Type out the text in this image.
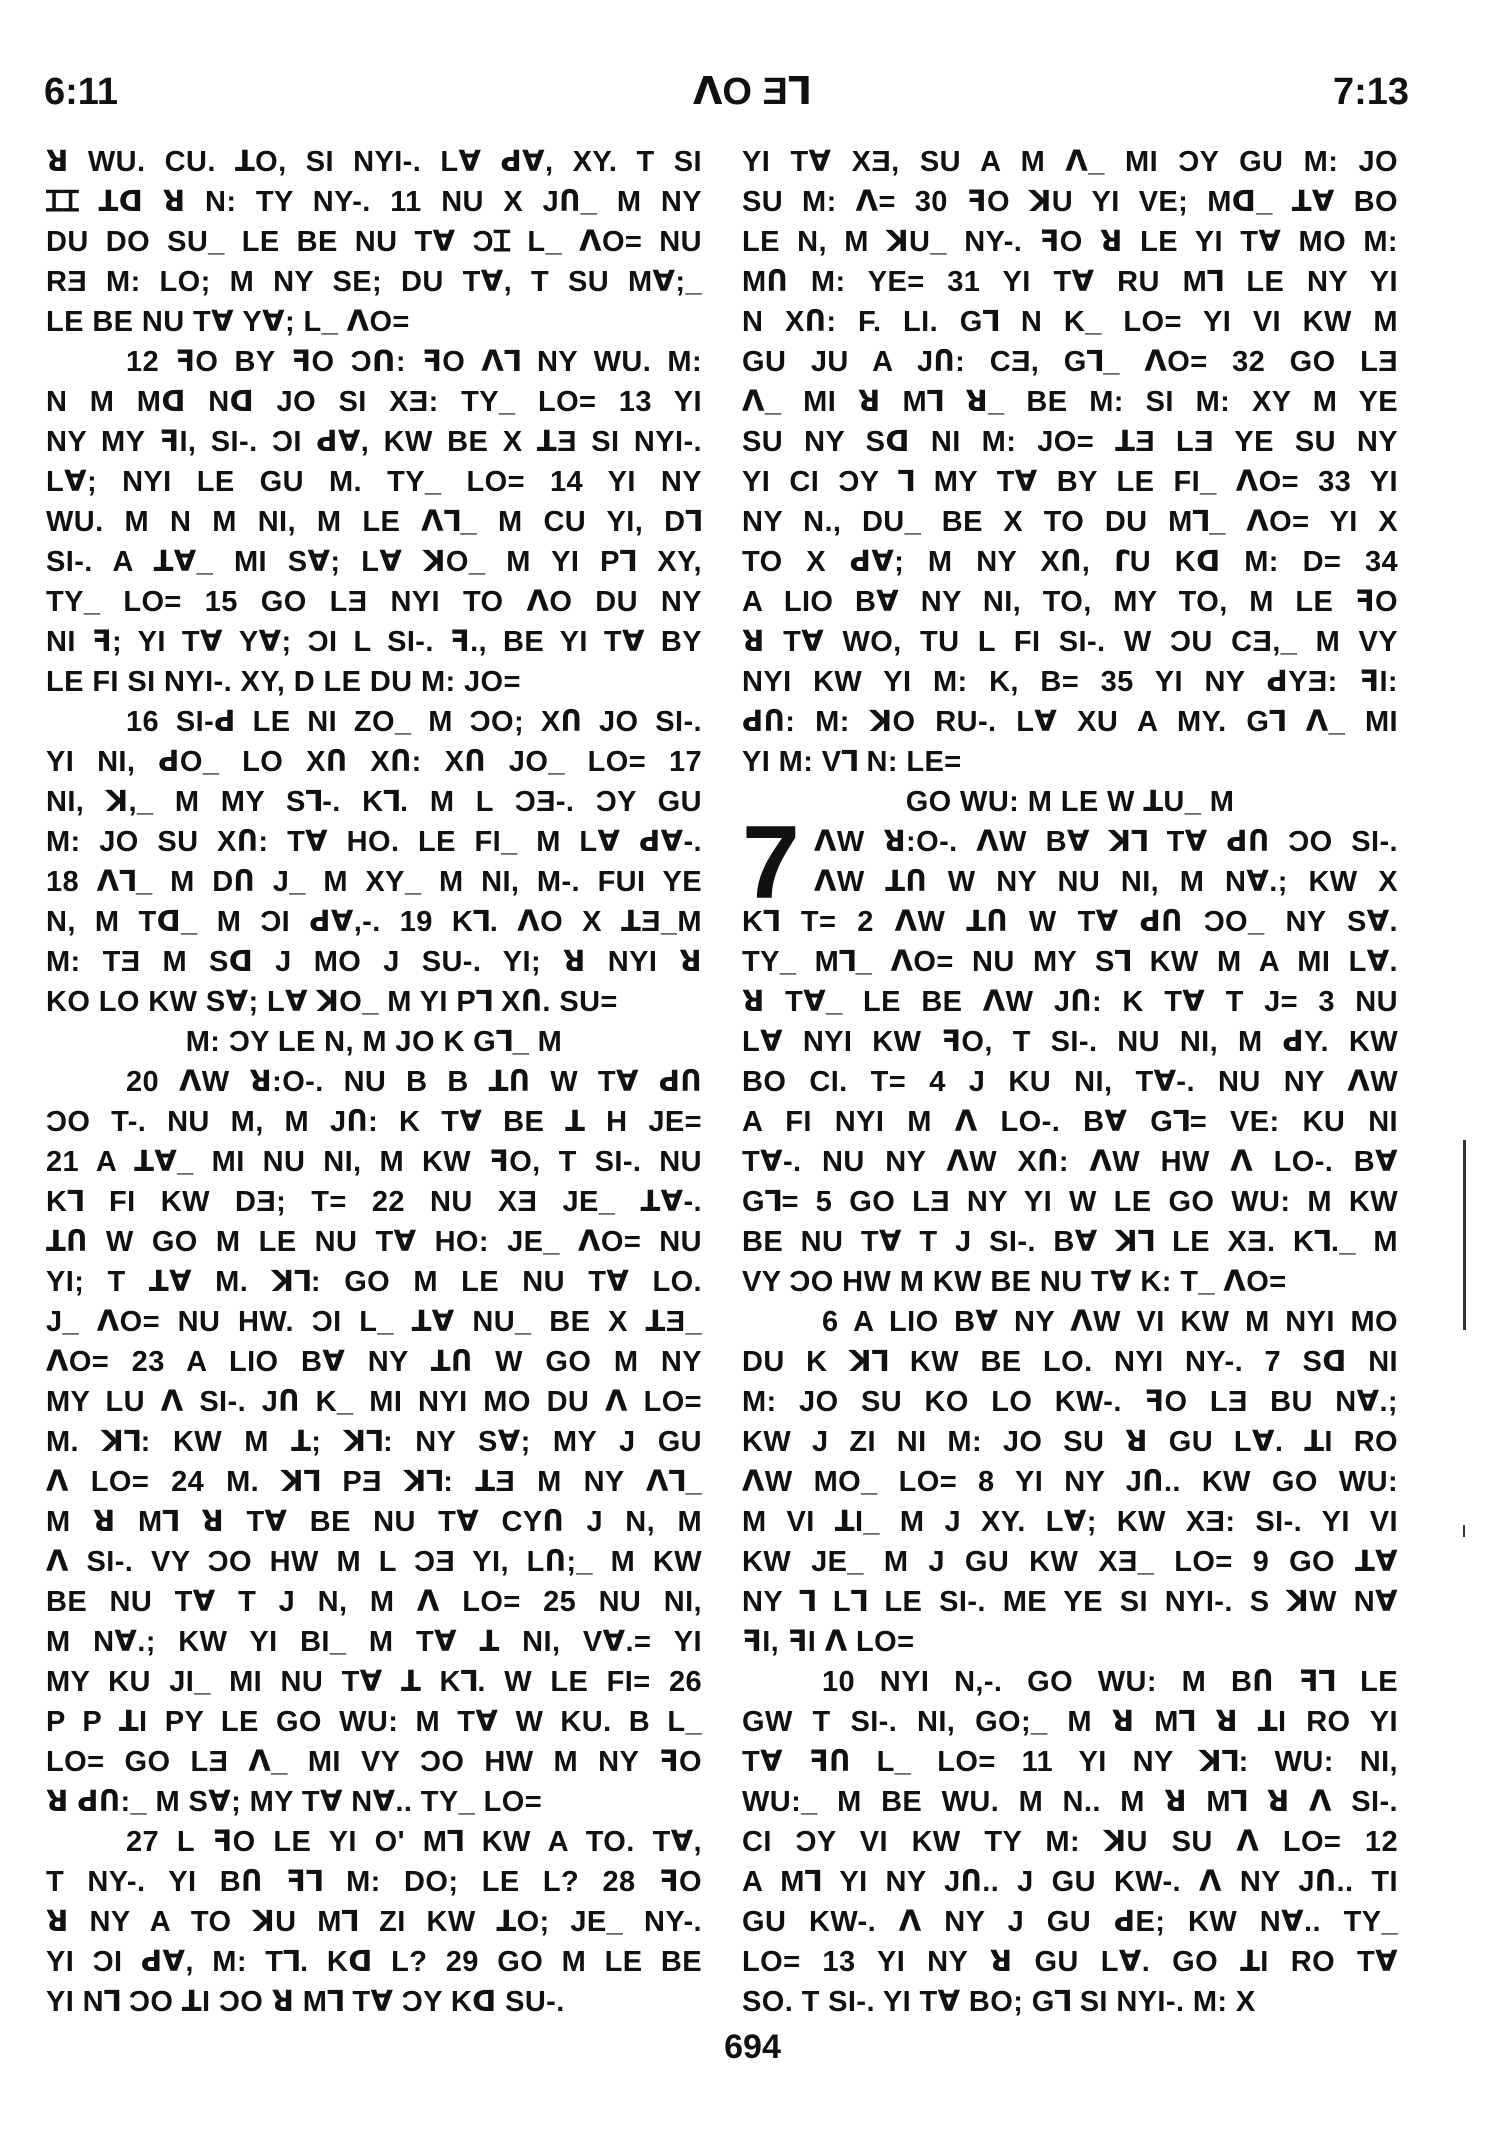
6:11	ᐱO ƎꞀ	7:13
ꓤ WU. CU. ꓕO, SI NYI-. Lꓯ ꓒꓯ, XY. T SI
ꞮꞮ ꓕꓷ ꓤ N: TY NY-. 11 NU X JՈ_ M NY
DU DO SU_ LE BE NU Tꓯ ƆꞮ L_ ᐱO= NU
RƎ M: LO; M NY SE; DU Tꓯ, T SU Mꓯ;_
LE BE NU Tꓯ Yꓯ; L_ ᐱO=
12 ꟻO BY ꟻO Ɔꓵ: ꟻO ᐱꓶ NY WU. M:
N M Mꓷ Nꓷ JO SI XƎ: TY_ LO= 13 YI
NY MY ꟻI, SI-. ƆI ꓒꓯ, KW BE X ꓕƎ SI NYI-.
Lꓯ; NYI LE GU M. TY_ LO= 14 YI NY
WU. M N M NI, M LE ᐱꓶ_ M CU YI, Dꓶ
SI-. A ꓕꓯ_ MI Sꓯ; Lꓯ ꓘO_ M YI Pꓶ XY,
TY_ LO= 15 GO LƎ NYI TO ᐱO DU NY
NI ꟻ; YI Tꓯ Yꓯ; ƆI L SI-. ꟻ., BE YI Tꓯ BY
LE FI SI NYI-. XY, D LE DU M: JO=
16 SI-ꓒ LE NI ZO_ M ƆO; XՈ JO SI-.
YI NI, ꓒO_ LO XՈ XՈ: XՈ JO_ LO= 17
NI, ꓘ,_ M MY Sꓶ-. Kꓶ. M L ƆƎ-. ƆY GU
M: JO SU XՈ: Tꓯ HO. LE FI_ M Lꓯ ꓒꓯ-.
18 ᐱꓶ_ M DՈ J_ M XY_ M NI, M-. FUI YE
N, M Tꓷ_ M ƆI ꓒꓯ,-. 19 Kꓶ. ᐱO X ꓕƎ_M
M: TƎ M Sꓷ J MO J SU-. YI; ꓤ NYI ꓤ
KO LO KW Sꓯ; Lꓯ ꓘO_ M YI Pꓶ XՈ. SU=
M: ƆY LE N, M JO K Gꓶ_ M
20 ᐱW ꓤ:O-. NU B B ꓕՈ W Tꓯ ꓒՈ
ƆO T-. NU M, M JՈ: K Tꓯ BE ꓕ H JE=
21 A ꓕꓯ_ MI NU NI, M KW ꟻO, T SI-. NU
Kꓶ FI KW DƎ; T= 22 NU XƎ JE_ ꓕꓯ-.
ꓕՈ W GO M LE NU Tꓯ HO: JE_ ᐱO= NU
YI; T ꓕꓯ M. ꓘꓶ: GO M LE NU Tꓯ LO.
J_ ᐱO= NU HW. ƆI L_ ꓕꓯ NU_ BE X ꓕƎ_
ᐱO= 23 A LIO Bꓯ NY ꓕՈ W GO M NY
MY LU ᐱ SI-. JՈ K_ MI NYI MO DU ᐱ LO=
M. ꓘꓶ: KW M ꓕ; ꓘꓶ: NY Sꓯ; MY J GU
ᐱ LO= 24 M. ꓘꓶ PƎ ꓘꓶ: ꓕƎ M NY ᐱꓶ_
M ꓤ Mꓶ ꓤ Tꓯ BE NU Tꓯ CYՈ J N, M
ᐱ SI-. VY ƆO HW M L ƆƎ YI, LՈ;_ M KW
BE NU Tꓯ T J N, M ᐱ LO= 25 NU NI,
M Nꓯ.; KW YI BI_ M Tꓯ ꓕ NI, Vꓯ.= YI
MY KU JI_ MI NU Tꓯ ꓕ Kꓶ. W LE FI= 26
P P ꓕI PY LE GO WU: M Tꓯ W KU. B L_
LO= GO LƎ ᐱ_ MI VY ƆO HW M NY ꟻO
ꓤ ꓒՈ:_ M Sꓯ; MY Tꓯ Nꓯ.. TY_ LO=
27 L ꟻO LE YI O' Mꓶ KW A TO. Tꓯ,
T NY-. YI BՈ ꟻꓶ M: DO; LE L? 28 ꟻO
ꓤ NY A TO ꓘU Mꓶ ZI KW ꓕO; JE_ NY-.
YI ƆI ꓒꓯ, M: Tꓶ. Kꓷ L? 29 GO M LE BE
YI Nꓶ ƆO ꓕI ƆO ꓤ Mꓶ Tꓯ ƆY Kꓷ SU-.
YI Tꓯ XƎ, SU A M ᐱ_ MI ƆY GU M: JO
SU M: ᐱ= 30 ꟻO ꓘU YI VE; Mꓷ_ ꓕꓯ BO
LE N, M ꓘU_ NY-. ꟻO ꓤ LE YI Tꓯ MO M:
MՈ M: YE= 31 YI Tꓯ RU Mꓶ LE NY YI
N XՈ: F. LI. Gꓶ N K_ LO= YI VI KW M
GU JU A JՈ: CƎ, Gꓶ_ ᐱO= 32 GO LƎ
ᐱ_ MI ꓤ Mꓶ ꓤ_ BE M: SI M: XY M YE
SU NY Sꓷ NI M: JO= ꓕƎ LƎ YE SU NY
YI CI ƆY ꓶ MY Tꓯ BY LE FI_ ᐱO= 33 YI
NY N., DU_ BE X TO DU Mꓶ_ ᐱO= YI X
TO X ꓒꓯ; M NY XՈ, ꓩU Kꓷ M: D= 34
A LIO Bꓯ NY NI, TO, MY TO, M LE ꟻO
ꓤ Tꓯ WO, TU L FI SI-. W ƆU CƎ,_ M VY
NYI KW YI M: K, B= 35 YI NY ꓒYƎ: ꟻI:
ꓒՈ: M: ꓘO RU-. Lꓯ XU A MY. Gꓶ ᐱ_ MI
YI M: Vꓶ N: LE=
GO WU: M LE W ꓕU_ M
ᐱW ꓤ:O-. ᐱW Bꓯ ꓘꓶ Tꓯ ꓒՈ ƆO SI-.
ᐱW ꓕՈ W NY NU NI, M Nꓯ.; KW X
Kꓶ T= 2 ᐱW ꓕՈ W Tꓯ ꓒՈ ƆO_ NY Sꓯ.
TY_ Mꓶ_ ᐱO= NU MY Sꓶ KW M A MI Lꓯ.
ꓤ Tꓯ_ LE BE ᐱW JՈ: K Tꓯ T J= 3 NU
Lꓯ NYI KW ꟻO, T SI-. NU NI, M ꓒY. KW
BO CI. T= 4 J KU NI, Tꓯ-. NU NY ᐱW
A FI NYI M ᐱ LO-. Bꓯ Gꓶ= VE: KU NI
Tꓯ-. NU NY ᐱW XՈ: ᐱW HW ᐱ LO-. Bꓯ
Gꓶ= 5 GO LƎ NY YI W LE GO WU: M KW
BE NU Tꓯ T J SI-. Bꓯ ꓘꓶ LE XƎ. Kꓶ._ M
VY ƆO HW M KW BE NU Tꓯ K: T_ ᐱO=
6 A LIO Bꓯ NY ᐱW VI KW M NYI MO
DU K ꓘꓶ KW BE LO. NYI NY-. 7 Sꓷ NI
M: JO SU KO LO KW-. ꟻO LƎ BU Nꓯ.;
KW J ZI NI M: JO SU ꓤ GU Lꓯ. ꓕI RO
ᐱW MO_ LO= 8 YI NY JՈ.. KW GO WU:
M VI ꓕI_ M J XY. Lꓯ; KW XƎ: SI-. YI VI
KW JE_ M J GU KW XƎ_ LO= 9 GO ꓕꓯ
NY ꓶ Lꓶ LE SI-. ME YE SI NYI-. S ꓘW Nꓯ
ꟻI, ꟻI ᐱ LO=
10 NYI N,-. GO WU: M BՈ ꟻꓶ LE
GW T SI-. NI, GO;_ M ꓤ Mꓶ ꓤ ꓕI RO YI
Tꓯ ꟻՈ L_ LO= 11 YI NY ꓘꓶ: WU: NI,
WU:_ M BE WU. M N.. M ꓤ Mꓶ ꓤ ᐱ SI-.
CI ƆY VI KW TY M: ꓘU SU ᐱ LO= 12
A Mꓶ YI NY JՈ.. J GU KW-. ᐱ NY JՈ.. TI
GU KW-. ᐱ NY J GU ꓒE; KW Nꓯ.. TY_
LO= 13 YI NY ꓤ GU Lꓯ. GO ꓕI RO Tꓯ
SO. T SI-. YI Tꓯ BO; Gꓶ SI NYI-. M: X
7
694
